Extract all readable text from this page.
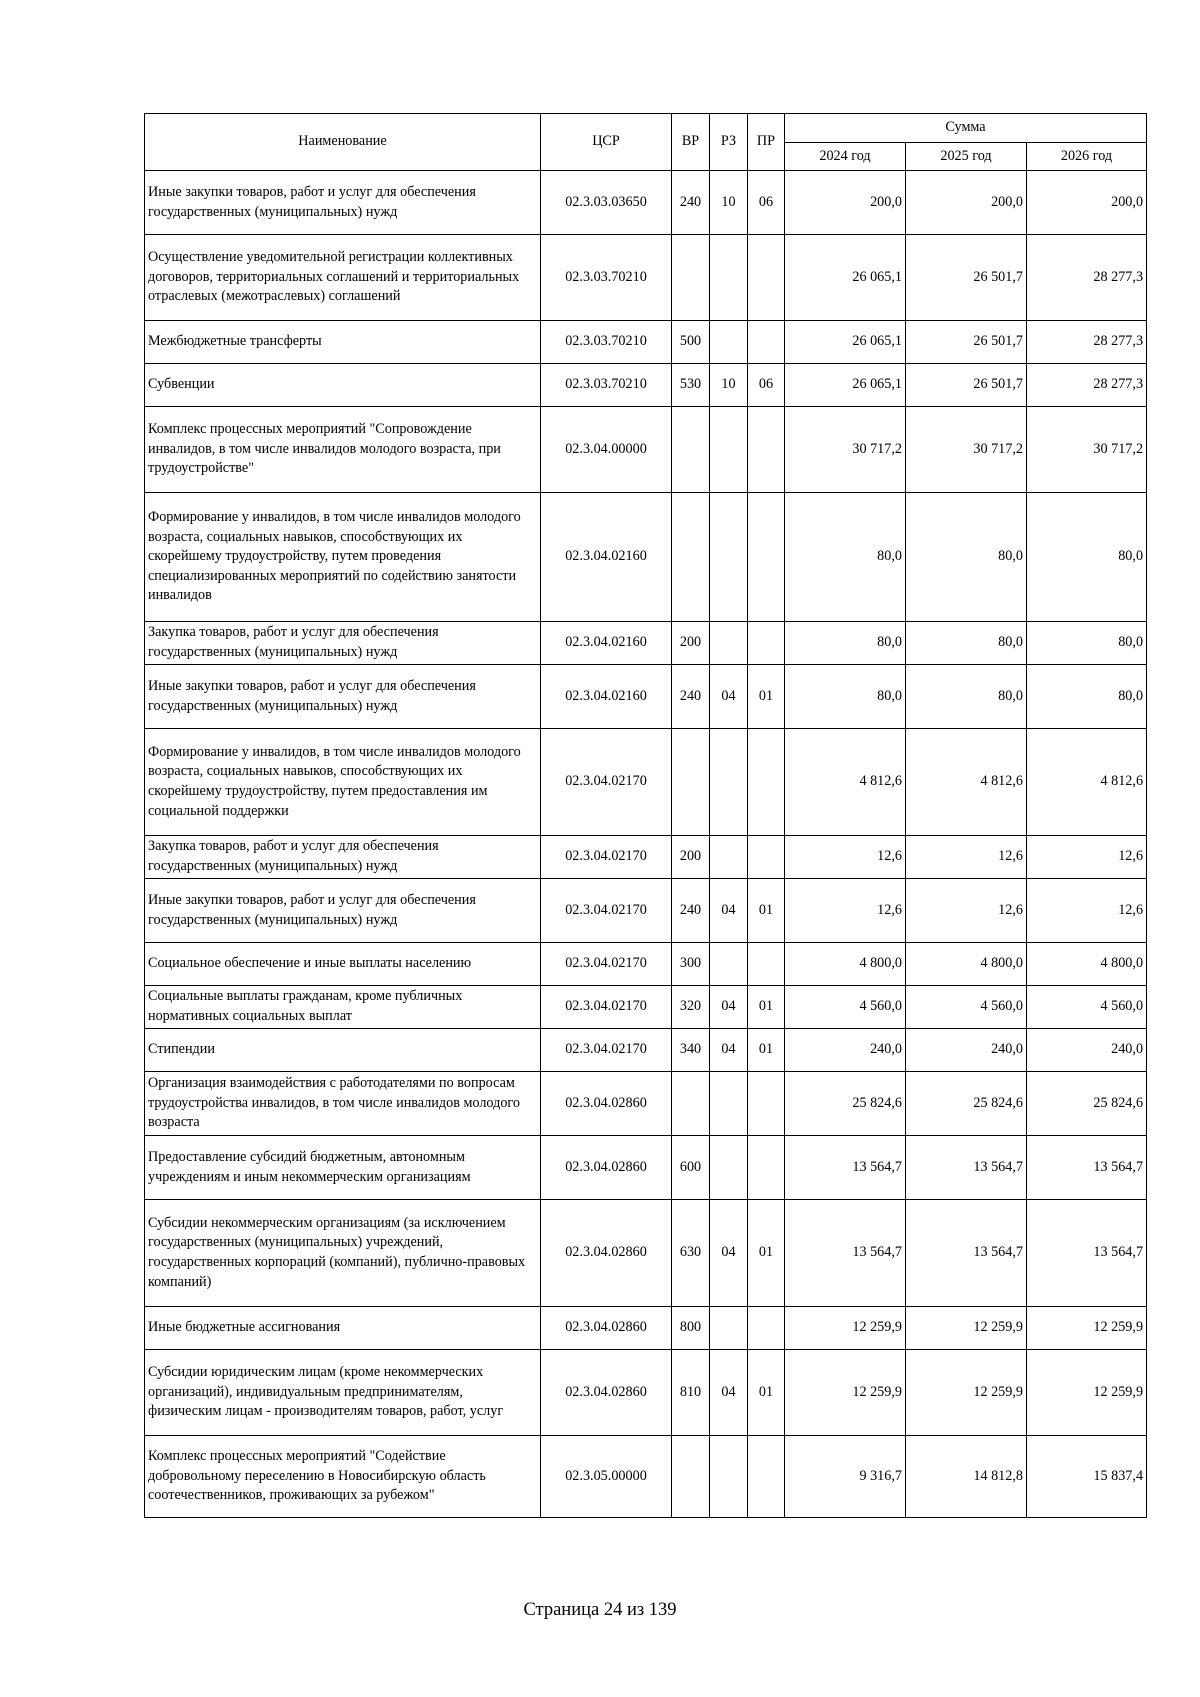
Наименование	ЦСР	ВР	РЗ	ПР	Сумма		
					2024 год	2025 год	2026 год
Иные закупки товаров, работ и услуг для обеспечения государственных (муниципальных) нужд	02.3.03.03650	240	10	06	200,0	200,0	200,0
Осуществление уведомительной регистрации коллективных договоров, территориальных соглашений и территориальных отраслевых (межотраслевых) соглашений	02.3.03.70210				26 065,1	26 501,7	28 277,3
Межбюджетные трансферты	02.3.03.70210	500			26 065,1	26 501,7	28 277,3
Субвенции	02.3.03.70210	530	10	06	26 065,1	26 501,7	28 277,3
Комплекс процессных мероприятий "Сопровождение инвалидов, в том числе инвалидов молодого возраста, при трудоустройстве"	02.3.04.00000				30 717,2	30 717,2	30 717,2
Формирование у инвалидов, в том числе инвалидов молодого возраста, социальных навыков, способствующих их скорейшему трудоустройству, путем проведения специализированных мероприятий по содействию занятости инвалидов	02.3.04.02160				80,0	80,0	80,0
Закупка товаров, работ и услуг для обеспечения государственных (муниципальных) нужд	02.3.04.02160	200			80,0	80,0	80,0
Иные закупки товаров, работ и услуг для обеспечения государственных (муниципальных) нужд	02.3.04.02160	240	04	01	80,0	80,0	80,0
Формирование у инвалидов, в том числе инвалидов молодого возраста, социальных навыков, способствующих их скорейшему трудоустройству, путем предоставления им социальной поддержки	02.3.04.02170				4 812,6	4 812,6	4 812,6
Закупка товаров, работ и услуг для обеспечения государственных (муниципальных) нужд	02.3.04.02170	200			12,6	12,6	12,6
Иные закупки товаров, работ и услуг для обеспечения государственных (муниципальных) нужд	02.3.04.02170	240	04	01	12,6	12,6	12,6
Социальное обеспечение и иные выплаты населению	02.3.04.02170	300			4 800,0	4 800,0	4 800,0
Социальные выплаты гражданам, кроме публичных нормативных социальных выплат	02.3.04.02170	320	04	01	4 560,0	4 560,0	4 560,0
Стипендии	02.3.04.02170	340	04	01	240,0	240,0	240,0
Организация взаимодействия с работодателями по вопросам трудоустройства инвалидов, в том числе инвалидов молодого возраста	02.3.04.02860				25 824,6	25 824,6	25 824,6
Предоставление субсидий бюджетным, автономным учреждениям и иным некоммерческим организациям	02.3.04.02860	600			13 564,7	13 564,7	13 564,7
Субсидии некоммерческим организациям (за исключением государственных (муниципальных) учреждений, государственных корпораций (компаний), публично-правовых компаний)	02.3.04.02860	630	04	01	13 564,7	13 564,7	13 564,7
Иные бюджетные ассигнования	02.3.04.02860	800			12 259,9	12 259,9	12 259,9
Субсидии юридическим лицам (кроме некоммерческих организаций), индивидуальным предпринимателям, физическим лицам - производителям товаров, работ, услуг	02.3.04.02860	810	04	01	12 259,9	12 259,9	12 259,9
Комплекс процессных мероприятий "Содействие добровольному переселению в Новосибирскую область соотечественников, проживающих за рубежом"	02.3.05.00000				9 316,7	14 812,8	15 837,4
Страница 24 из 139
